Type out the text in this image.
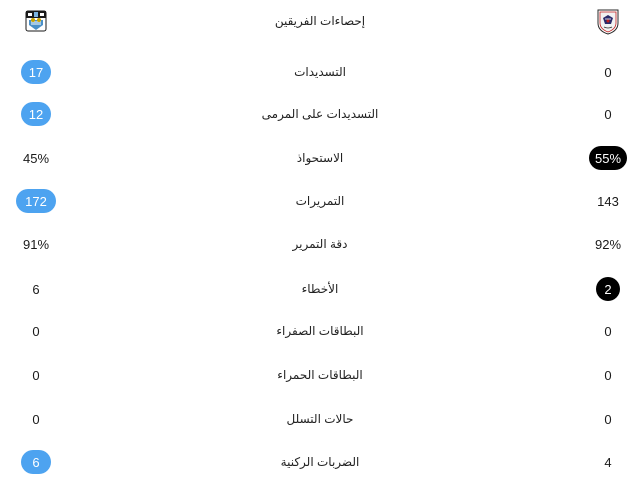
إحصاءات الفريقين
17	التسديدات	0
12	التسديدات على المرمى	0
45%	الاستحواذ	55%
172	التمريرات	143
91%	دقة التمرير	92%
6	الأخطاء	2
0	البطاقات الصفراء	0
0	البطاقات الحمراء	0
0	حالات التسلل	0
6	الضربات الركنية	4
